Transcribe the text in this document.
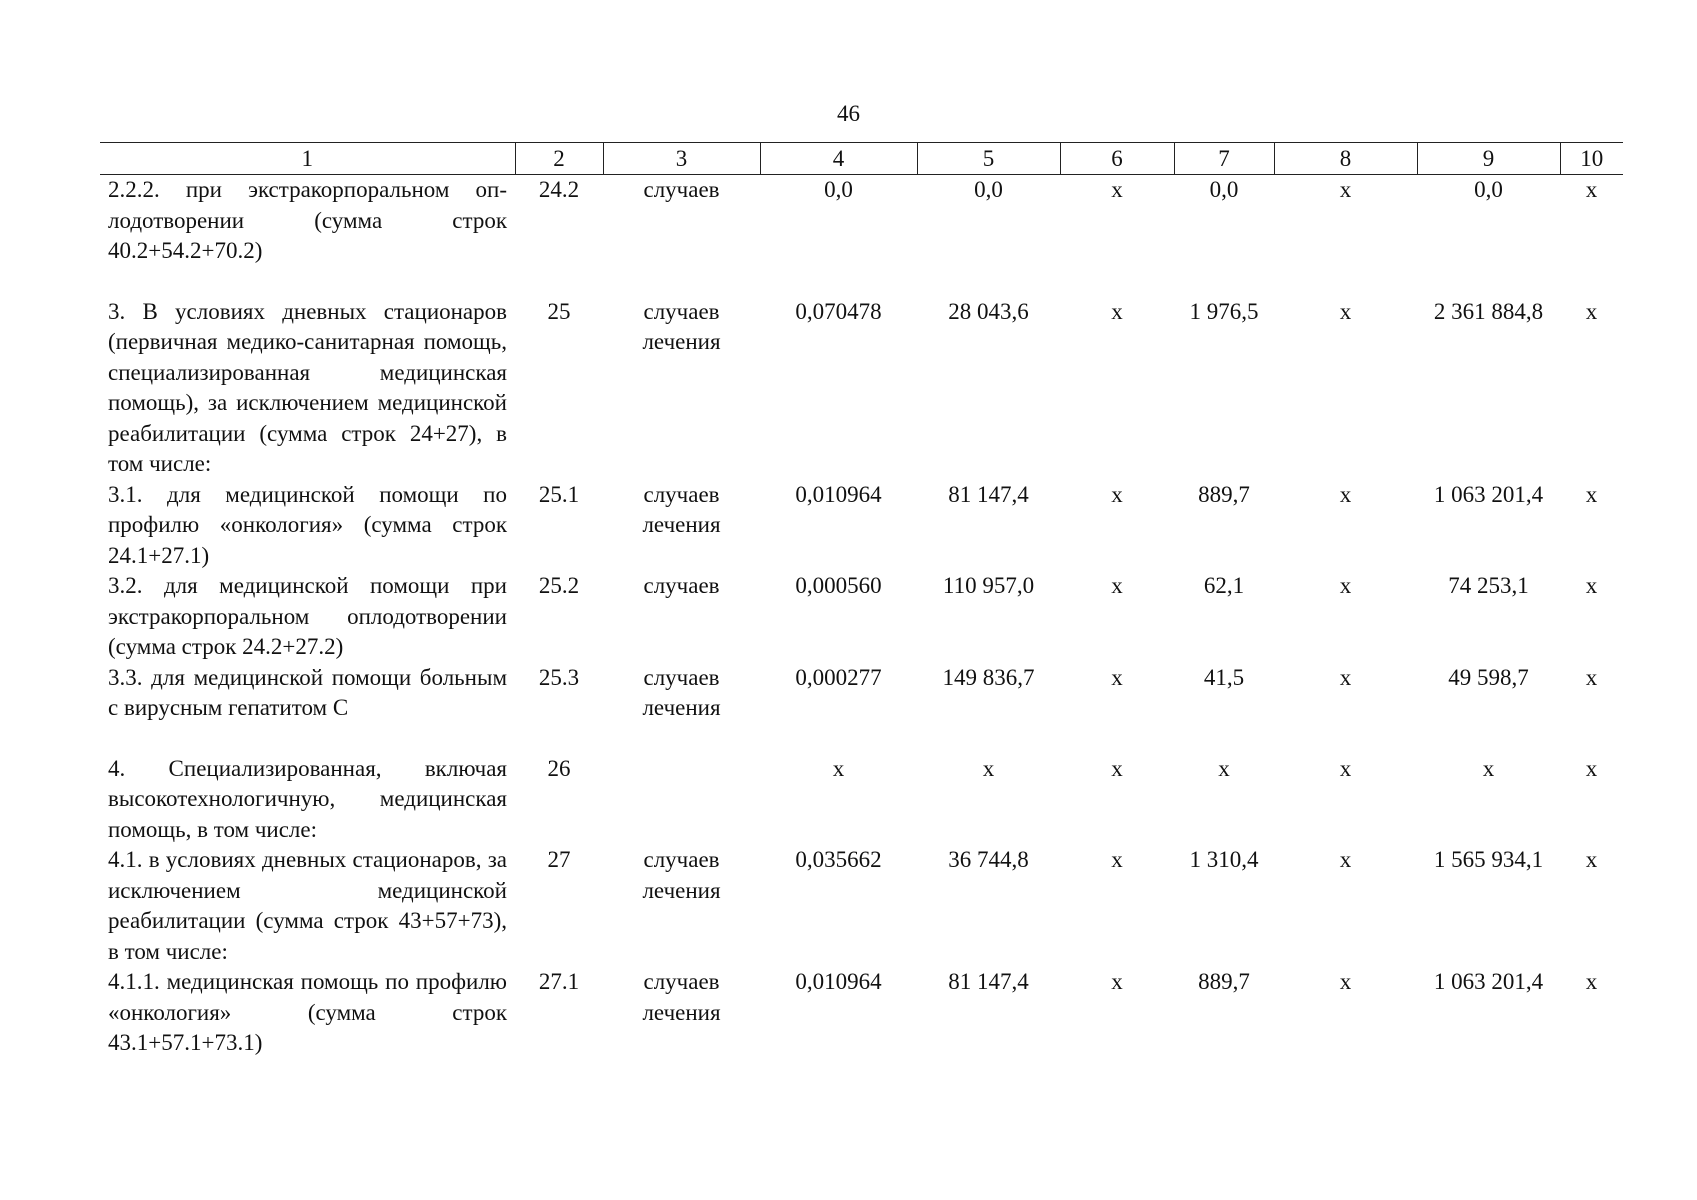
46
1	2	3	4	5	6	7	8	9	10
2.2.2. при экстракорпоральном оплодотворении (сумма строк 40.2+54.2+70.2)	24.2	случаев	0,0	0,0	х	0,0	х	0,0	х
3. В условиях дневных стационаров (первичная медико-санитарная помощь, специализированная медицинская помощь), за исключением медицинской реабилитации (сумма строк 24+27), в том числе:	25	случаев лечения	0,070478	28 043,6	х	1 976,5	х	2 361 884,8	х
3.1. для медицинской помощи по профилю «онкология» (сумма строк 24.1+27.1)	25.1	случаев лечения	0,010964	81 147,4	х	889,7	х	1 063 201,4	х
3.2. для медицинской помощи при экстракорпоральном оплодотворении (сумма строк 24.2+27.2)	25.2	случаев	0,000560	110 957,0	х	62,1	х	74 253,1	х
3.3. для медицинской помощи больным с вирусным гепатитом С	25.3	случаев лечения	0,000277	149 836,7	х	41,5	х	49 598,7	х
4. Специализированная, включая высокотехнологичную, медицинская помощь, в том числе:	26		х	х	х	х	х	х	х
4.1. в условиях дневных стационаров, за исключением медицинской реабилитации (сумма строк 43+57+73), в том числе:	27	случаев лечения	0,035662	36 744,8	х	1 310,4	х	1 565 934,1	х
4.1.1. медицинская помощь по профилю «онкология» (сумма строк 43.1+57.1+73.1)	27.1	случаев лечения	0,010964	81 147,4	х	889,7	х	1 063 201,4	х
